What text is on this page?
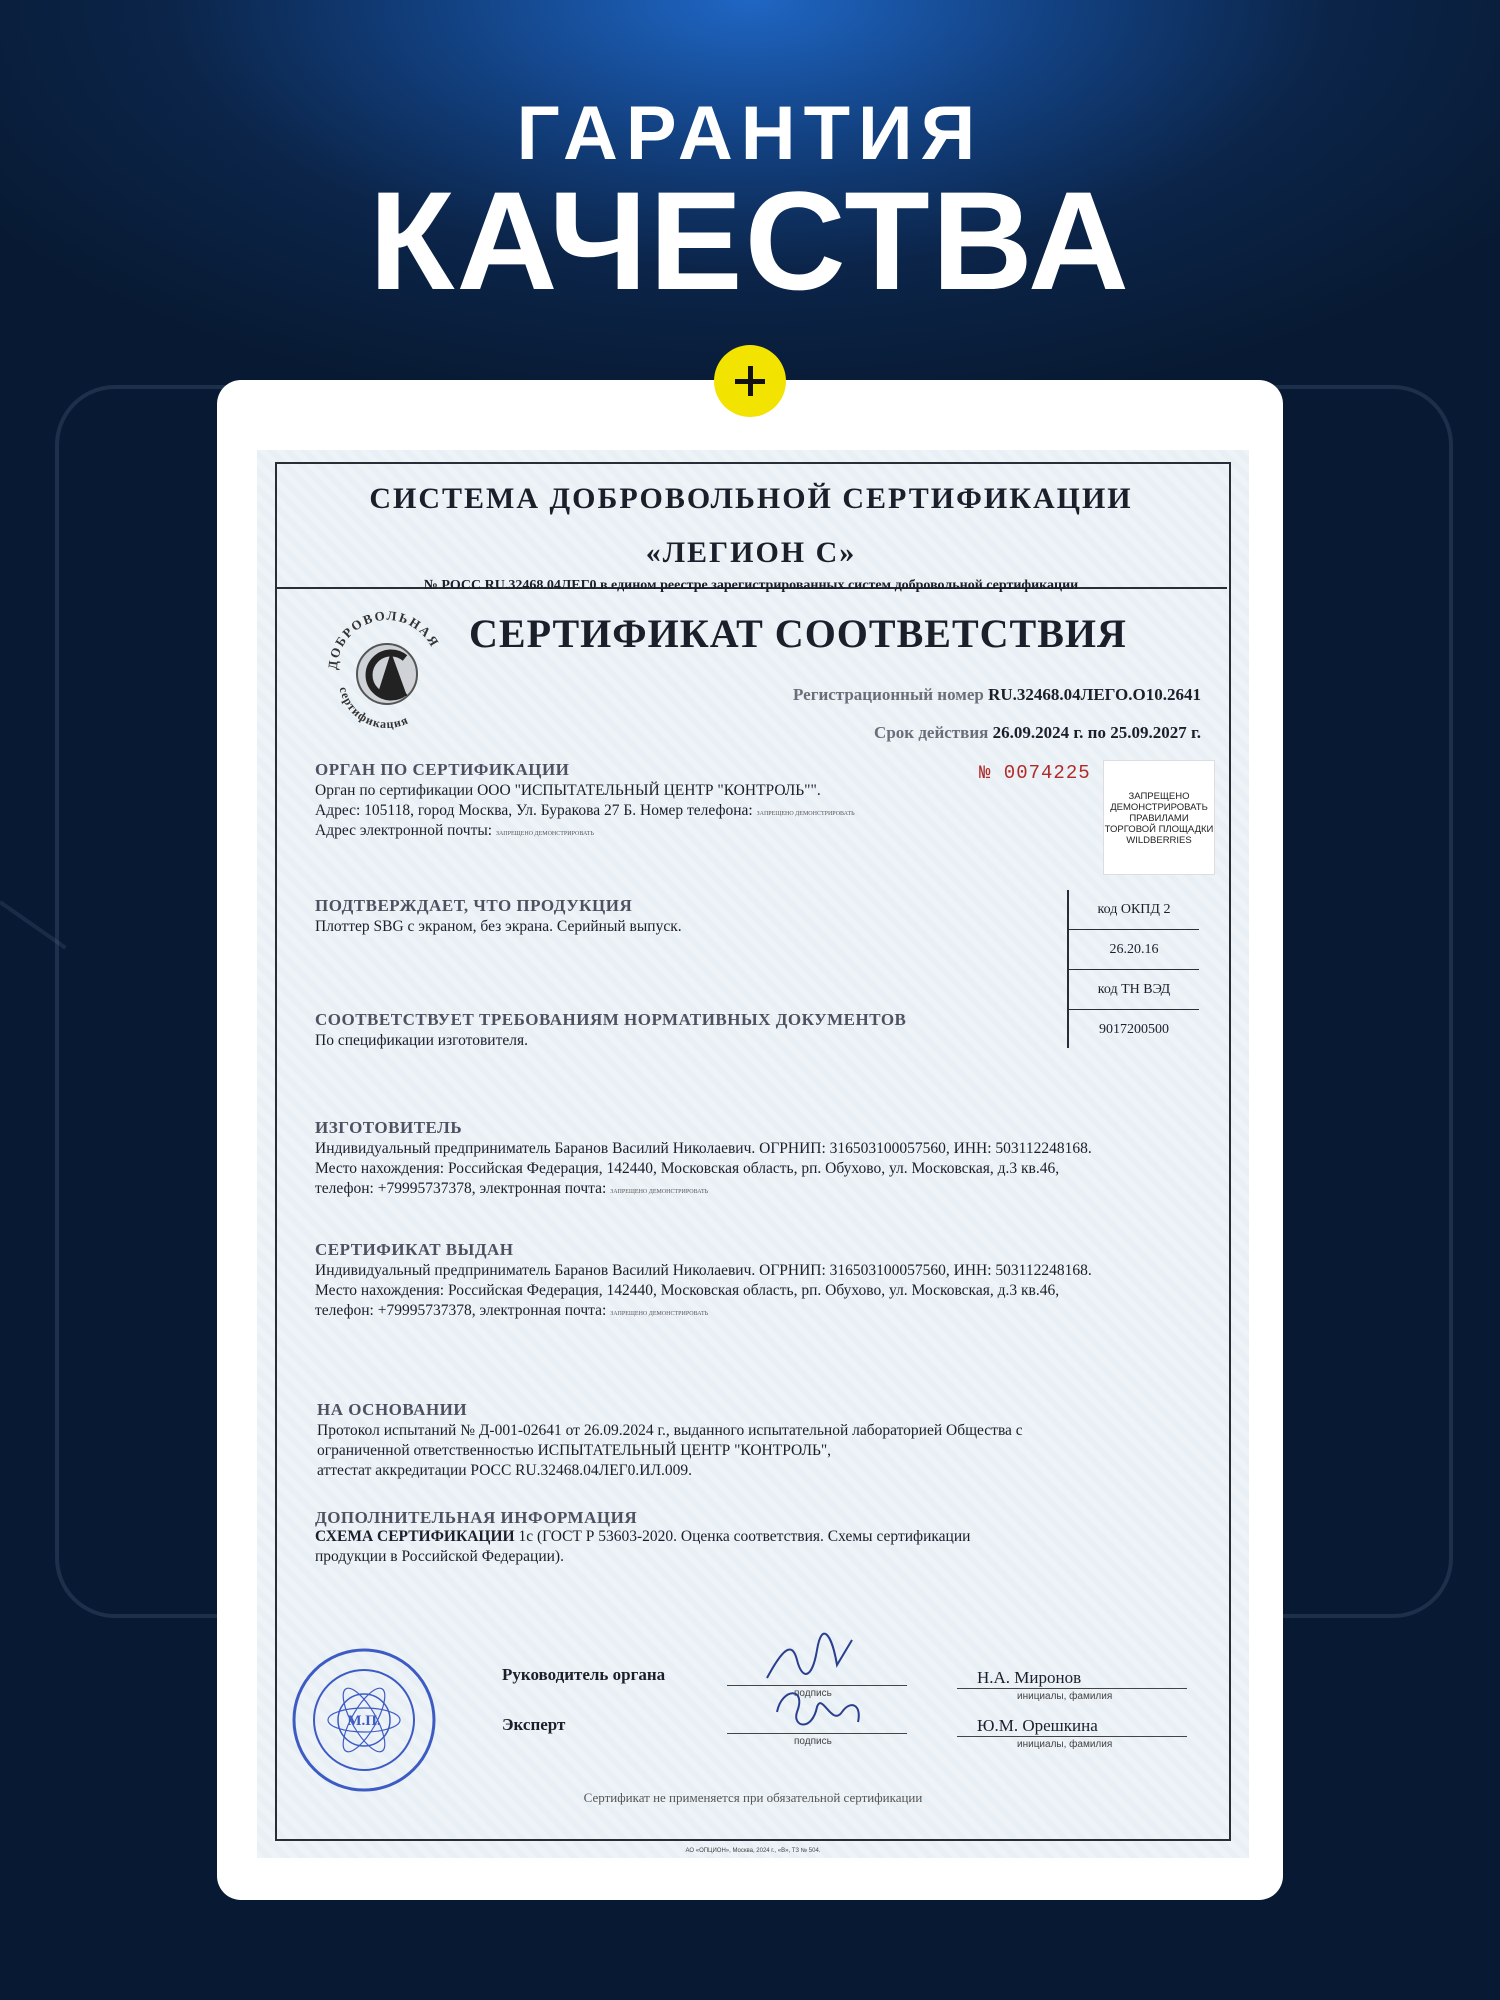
ГАРАНТИЯ
КАЧЕСТВА
СИСТЕМА ДОБРОВОЛЬНОЙ СЕРТИФИКАЦИИ
«ЛЕГИОН С»
№ РОСС RU.32468.04ЛЕГ0 в едином реестре зарегистрированных систем добровольной сертификации
ДОБРОВОЛЬНАЯ
сертификация
СЕРТИФИКАТ СООТВЕТСТВИЯ
Регистрационный номер RU.32468.04ЛЕГО.О10.2641
Срок действия 26.09.2024 г. по 25.09.2027 г.
№ 0074225
ЗАПРЕЩЕНО
ДЕМОНСТРИРОВАТЬ
ПРАВИЛАМИ
ТОРГОВОЙ ПЛОЩАДКИ
WILDBERRIES
ОРГАН ПО СЕРТИФИКАЦИИ
Орган по сертификации ООО "ИСПЫТАТЕЛЬНЫЙ ЦЕНТР "КОНТРОЛЬ"".
Адрес: 105118, город Москва, Ул. Буракова 27 Б. Номер телефона: ЗАПРЕЩЕНО ДЕМОНСТРИРОВАТЬ
Адрес электронной почты: ЗАПРЕЩЕНО ДЕМОНСТРИРОВАТЬ
код ОКПД 2
26.20.16
код ТН ВЭД
9017200500
ПОДТВЕРЖДАЕТ, ЧТО ПРОДУКЦИЯ
Плоттер SBG с экраном, без экрана. Серийный выпуск.
СООТВЕТСТВУЕТ ТРЕБОВАНИЯМ НОРМАТИВНЫХ ДОКУМЕНТОВ
По спецификации изготовителя.
ИЗГОТОВИТЕЛЬ
Индивидуальный предприниматель Баранов Василий Николаевич. ОГРНИП: 316503100057560, ИНН: 503112248168.
Место нахождения: Российская Федерация, 142440, Московская область, рп. Обухово, ул. Московская, д.3 кв.46,
телефон: +79995737378, электронная почта: ЗАПРЕЩЕНО ДЕМОНСТРИРОВАТЬ
СЕРТИФИКАТ ВЫДАН
Индивидуальный предприниматель Баранов Василий Николаевич. ОГРНИП: 316503100057560, ИНН: 503112248168.
Место нахождения: Российская Федерация, 142440, Московская область, рп. Обухово, ул. Московская, д.3 кв.46,
телефон: +79995737378, электронная почта: ЗАПРЕЩЕНО ДЕМОНСТРИРОВАТЬ
НА ОСНОВАНИИ
Протокол испытаний № Д-001-02641 от 26.09.2024 г., выданного испытательной лабораторией Общества с
ограниченной ответственностью ИСПЫТАТЕЛЬНЫЙ ЦЕНТР "КОНТРОЛЬ",
аттестат аккредитации РОСС RU.32468.04ЛЕГ0.ИЛ.009.
ДОПОЛНИТЕЛЬНАЯ ИНФОРМАЦИЯ
СХЕМА СЕРТИФИКАЦИИ 1с (ГОСТ Р 53603-2020. Оценка соответствия. Схемы сертификации
продукции в Российской Федерации).
М.П.
Руководитель органа
подпись
Н.А. Миронов
инициалы, фамилия
Эксперт
подпись
Ю.М. Орешкина
инициалы, фамилия
Сертификат не применяется при обязательной сертификации
АО «ОПЦИОН», Москва, 2024 г., «В», ТЗ № 504.
